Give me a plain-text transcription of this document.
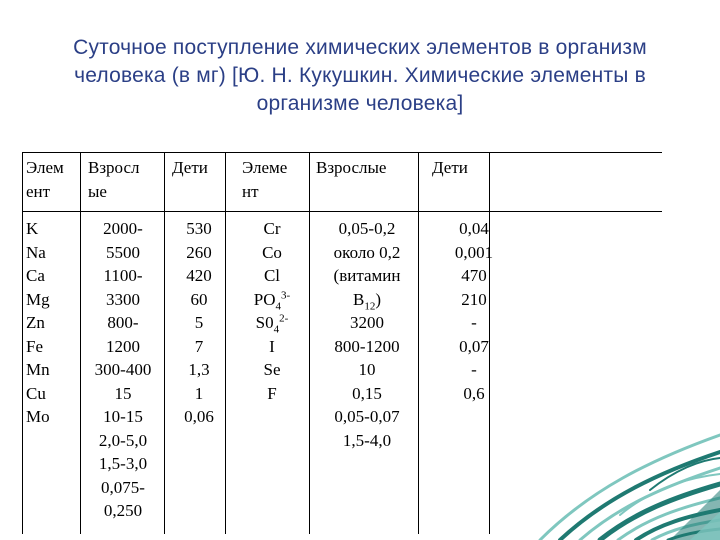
Суточное поступление химических элементов в организм
человека (в мг) [Ю. Н. Кукушкин. Химические элементы в
организме человека]
Элем
ент
Взросл
ые
Дети Элеме
нт
Взрослые	Дети
K
Na
Ca
Mg
Zn
Fe
Mn
Cu
Mo
2000-
5500
1100-
3300
800-
1200
300-400
15
10-15
2,0-5,0
1,5-3,0
0,075-
0,250
530
260
420
60
5
7
1,3
1
0,06
Cr
Co
Cl
$PO_4^{3-}$
$S0_4^{2-}$
I
Se
F
0,05-0,2
около 0,2
(витамин
$B_{12}$)
3200
800-1200
10
0,15
0,05-0,07
1,5-4,0
0,04
0,001
470
210
-
0,07
-
0,6
